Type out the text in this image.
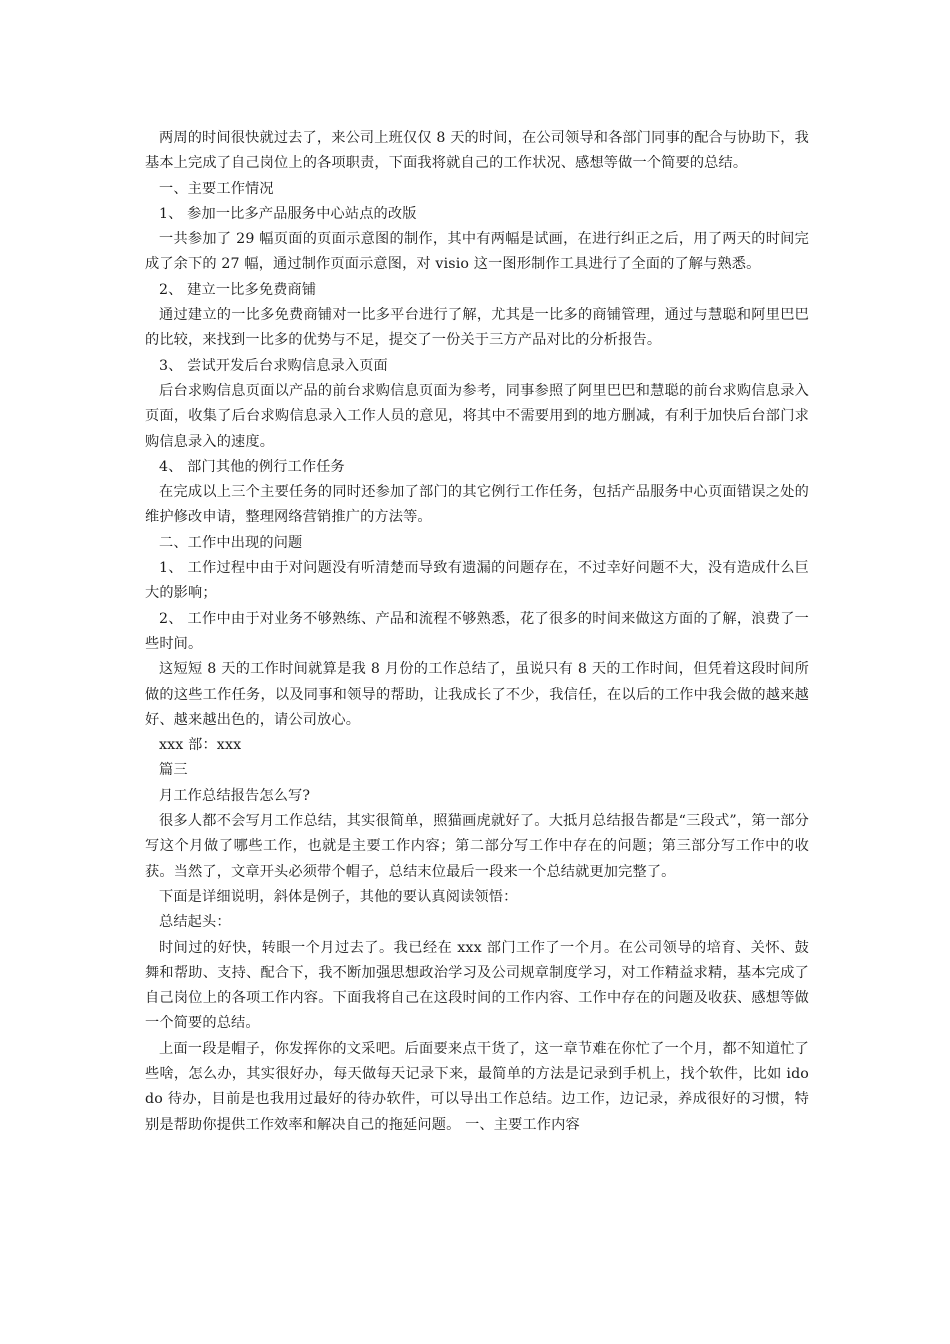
两周的时间很快就过去了，来公司上班仅仅 8 天的时间，在公司领导和各部门同事的配合与协助下，我基本上完成了自己岗位上的各项职责，下面我将就自己的工作状况、感想等做一个简要的总结。

一、主要工作情况

1、 参加一比多产品服务中心站点的改版

一共参加了 29 幅页面的页面示意图的制作，其中有两幅是试画，在进行纠正之后，用了两天的时间完成了余下的 27 幅，通过制作页面示意图，对 visio 这一图形制作工具进行了全面的了解与熟悉。

2、 建立一比多免费商铺

通过建立的一比多免费商铺对一比多平台进行了解，尤其是一比多的商铺管理，通过与慧聪和阿里巴巴的比较，来找到一比多的优势与不足，提交了一份关于三方产品对比的分析报告。

3、 尝试开发后台求购信息录入页面

后台求购信息页面以产品的前台求购信息页面为参考，同事参照了阿里巴巴和慧聪的前台求购信息录入页面，收集了后台求购信息录入工作人员的意见，将其中不需要用到的地方删减，有利于加快后台部门求购信息录入的速度。

4、 部门其他的例行工作任务

在完成以上三个主要任务的同时还参加了部门的其它例行工作任务，包括产品服务中心页面错误之处的维护修改申请，整理网络营销推广的方法等。

二、工作中出现的问题

1、 工作过程中由于对问题没有听清楚而导致有遗漏的问题存在，不过幸好问题不大，没有造成什么巨大的影响；

2、 工作中由于对业务不够熟练、产品和流程不够熟悉，花了很多的时间来做这方面的了解，浪费了一些时间。

这短短 8 天的工作时间就算是我 8 月份的工作总结了，虽说只有 8 天的工作时间，但凭着这段时间所做的这些工作任务，以及同事和领导的帮助，让我成长了不少，我信任，在以后的工作中我会做的越来越好、越来越出色的，请公司放心。

xxx 部：xxx

篇三

月工作总结报告怎么写?

很多人都不会写月工作总结，其实很简单，照猫画虎就好了。大抵月总结报告都是“三段式”，第一部分写这个月做了哪些工作，也就是主要工作内容；第二部分写工作中存在的问题；第三部分写工作中的收获。当然了，文章开头必须带个帽子，总结末位最后一段来一个总结就更加完整了。

下面是详细说明，斜体是例子，其他的要认真阅读领悟：

总结起头：

时间过的好快，转眼一个月过去了。我已经在 xxx 部门工作了一个月。在公司领导的培育、关怀、鼓舞和帮助、支持、配合下，我不断加强思想政治学习及公司规章制度学习，对工作精益求精，基本完成了自己岗位上的各项工作内容。下面我将自己在这段时间的工作内容、工作中存在的问题及收获、感想等做一个简要的总结。

上面一段是帽子，你发挥你的文采吧。后面要来点干货了，这一章节难在你忙了一个月，都不知道忙了些啥，怎么办，其实很好办，每天做每天记录下来，最简单的方法是记录到手机上，找个软件，比如 idodo 待办，目前是也我用过最好的待办软件，可以导出工作总结。边工作，边记录，养成很好的习惯，特别是帮助你提供工作效率和解决自己的拖延问题。 一、主要工作内容
